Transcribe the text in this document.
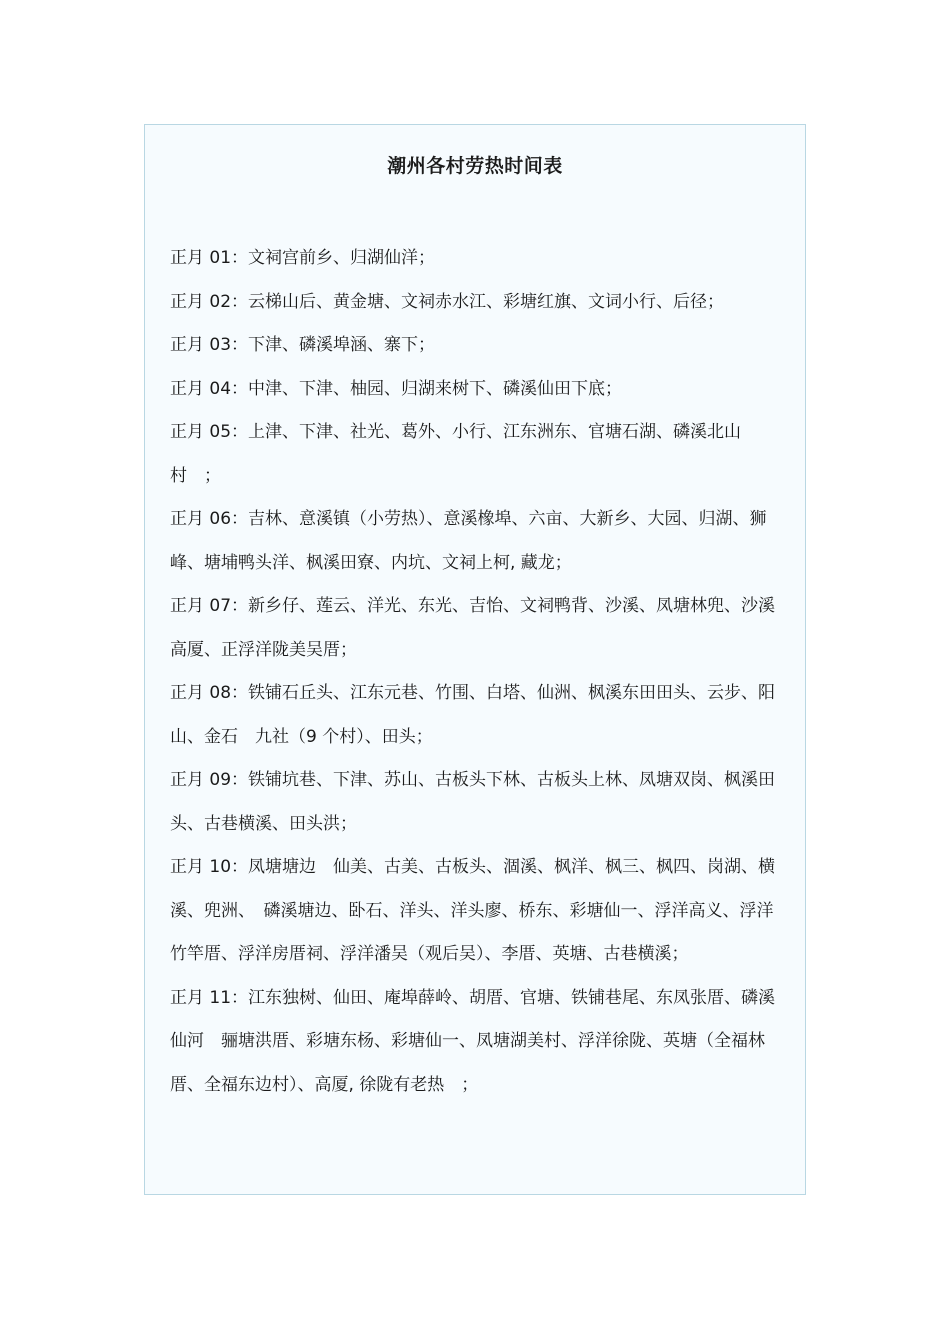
潮州各村劳热时间表

正月 01：文祠宫前乡、归湖仙洋；

正月 02：云梯山后、黄金塘、文祠赤水江、彩塘红旗、文词小行、后径；

正月 03：下津、磷溪埠涵、寨下；

正月 04：中津、下津、柚园、归湖来树下、磷溪仙田下底；

正月 05：上津、下津、社光、葛外、小行、江东洲东、官塘石湖、磷溪北山村　；

正月 06：吉林、意溪镇（小劳热）、意溪橡埠、六亩、大新乡、大园、归湖、狮峰、塘埔鸭头洋、枫溪田寮、内坑、文祠上柯, 藏龙；

正月 07：新乡仔、莲云、洋光、东光、吉怡、文祠鸭背、沙溪、凤塘林兜、沙溪高厦、正浮洋陇美吴厝；

正月 08：铁铺石丘头、江东元巷、竹围、白塔、仙洲、枫溪东田田头、云步、阳山、金石　九社（9 个村）、田头；

正月 09：铁铺坑巷、下津、苏山、古板头下林、古板头上林、凤塘双岗、枫溪田头、古巷横溪、田头洪；

正月 10：凤塘塘边　仙美、古美、古板头、涸溪、枫洋、枫三、枫四、岗湖、横溪、兜洲、　磷溪塘边、卧石、洋头、洋头廖、桥东、彩塘仙一、浮洋高义、浮洋竹竿厝、浮洋房厝祠、浮洋潘吴（观后吴）、李厝、英塘、古巷横溪；

正月 11：江东独树、仙田、庵埠薛岭、胡厝、官塘、铁铺巷尾、东凤张厝、磷溪仙河　骊塘洪厝、彩塘东杨、彩塘仙一、凤塘湖美村、浮洋徐陇、英塘（全福林厝、全福东边村）、高厦, 徐陇有老热　；
